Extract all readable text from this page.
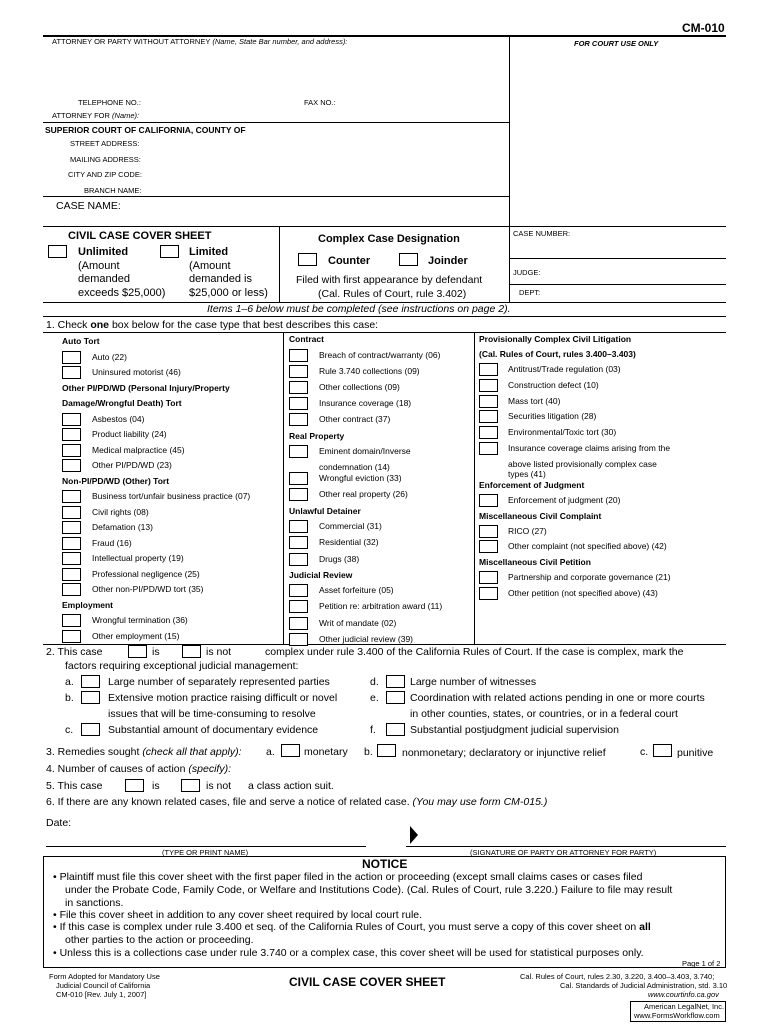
CM-010
ATTORNEY OR PARTY WITHOUT ATTORNEY (Name, State Bar number, and address):	FOR COURT USE ONLY
TELEPHONE NO.:	FAX NO.:
ATTORNEY FOR (Name):
SUPERIOR COURT OF CALIFORNIA, COUNTY OF
STREET ADDRESS:
MAILING ADDRESS:
CITY AND ZIP CODE:
BRANCH NAME:
CASE NAME:
CIVIL CASE COVER SHEET
Unlimited
(Amount
demanded
exceeds $25,000)
Limited
(Amount
demanded is
$25,000 or less)
Complex Case Designation
Counter	Joinder
Filed with first appearance by defendant
(Cal. Rules of Court, rule 3.402)
CASE NUMBER:
JUDGE:
DEPT:
Items 1–6 below must be completed (see instructions on page 2).
1. Check one box below for the case type that best describes this case:
Auto Tort
Auto (22)
Uninsured motorist (46)
Other PI/PD/WD (Personal Injury/Property
Damage/Wrongful Death) Tort
Asbestos (04)
Product liability (24)
Medical malpractice (45)
Other PI/PD/WD (23)
Non-PI/PD/WD (Other) Tort
Business tort/unfair business practice (07)
Civil rights (08)
Defamation (13)
Fraud (16)
Intellectual property (19)
Professional negligence (25)
Other non-PI/PD/WD tort (35)
Employment
Wrongful termination (36)
Other employment (15)
Contract
Breach of contract/warranty (06)
Rule 3.740 collections (09)
Other collections (09)
Insurance coverage (18)
Other contract (37)
Real Property
Eminent domain/Inverse
condemnation (14)
Wrongful eviction (33)
Other real property (26)
Unlawful Detainer
Commercial (31)
Residential (32)
Drugs (38)
Judicial Review
Asset forfeiture (05)
Petition re: arbitration award (11)
Writ of mandate (02)
Other judicial review (39)
Provisionally Complex Civil Litigation
(Cal. Rules of Court, rules 3.400–3.403)
Antitrust/Trade regulation (03)
Construction defect (10)
Mass tort (40)
Securities litigation (28)
Environmental/Toxic tort (30)
Insurance coverage claims arising from the
above listed provisionally complex case
types (41)
Enforcement of Judgment
Enforcement of judgment (20)
Miscellaneous Civil Complaint
RICO (27)
Other complaint (not specified above) (42)
Miscellaneous Civil Petition
Partnership and corporate governance (21)
Other petition (not specified above) (43)
2. This case	is	is not	complex under rule 3.400 of the California Rules of Court. If the case is complex, mark the
factors requiring exceptional judicial management:
a.	Large number of separately represented parties
b.	Extensive motion practice raising difficult or novel
issues that will be time-consuming to resolve
c.	Substantial amount of documentary evidence
d.	Large number of witnesses
e.	Coordination with related actions pending in one or more courts
in other counties, states, or countries, or in a federal court
f.	Substantial postjudgment judicial supervision
3. Remedies sought (check all that apply): a.	monetary b.	nonmonetary; declaratory or injunctive relief	c.	punitive
4. Number of causes of action (specify):
5. This case	is	is not a class action suit.
6. If there are any known related cases, file and serve a notice of related case. (You may use form CM-015.)
Date:
(TYPE OR PRINT NAME)	(SIGNATURE OF PARTY OR ATTORNEY FOR PARTY)
NOTICE
• Plaintiff must file this cover sheet with the first paper filed in the action or proceeding (except small claims cases or cases filed
under the Probate Code, Family Code, or Welfare and Institutions Code). (Cal. Rules of Court, rule 3.220.) Failure to file may result
in sanctions.
• File this cover sheet in addition to any cover sheet required by local court rule.
• If this case is complex under rule 3.400 et seq. of the California Rules of Court, you must serve a copy of this cover sheet on all
other parties to the action or proceeding.
• Unless this is a collections case under rule 3.740 or a complex case, this cover sheet will be used for statistical purposes only.
Page 1 of 2
Form Adopted for Mandatory Use
Judicial Council of California
CM-010 [Rev. July 1, 2007]
CIVIL CASE COVER SHEET	Cal. Rules of Court, rules 2.30, 3.220, 3.400–3.403, 3.740;
Cal. Standards of Judicial Administration, std. 3.10
www.courtinfo.ca.gov
American LegalNet, Inc.
www.FormsWorkflow.com
